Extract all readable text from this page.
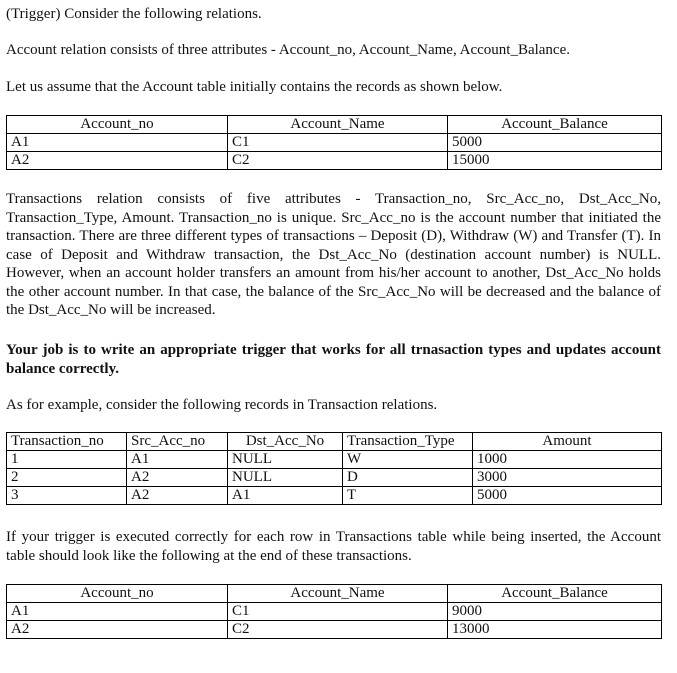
(Trigger) Consider the following relations.

Account relation consists of three attributes - Account_no, Account_Name, Account_Balance.

Let us assume that the Account table initially contains the records as shown below.

Account_no	Account_Name	Account_Balance
A1	C1	5000
A2	C2	15000

Transactions relation consists of five attributes - Transaction_no, Src_Acc_no, Dst_Acc_No, Transaction_Type, Amount. Transaction_no is unique. Src_Acc_no is the account number that initiated the transaction. There are three different types of transactions – Deposit (D), Withdraw (W) and Transfer (T). In case of Deposit and Withdraw transaction, the Dst_Acc_No (destination account number) is NULL. However, when an account holder transfers an amount from his/her account to another, Dst_Acc_No holds the other account number. In that case, the balance of the Src_Acc_No will be decreased and the balance of the Dst_Acc_No will be increased.

Your job is to write an appropriate trigger that works for all trnasaction types and updates account balance correctly.

As for example, consider the following records in Transaction relations.

Transaction_no	Src_Acc_no	Dst_Acc_No	Transaction_Type	Amount
1	A1	NULL	W	1000
2	A2	NULL	D	3000
3	A2	A1	T	5000

If your trigger is executed correctly for each row in Transactions table while being inserted, the Account table should look like the following at the end of these transactions.

Account_no	Account_Name	Account_Balance
A1	C1	9000
A2	C2	13000
